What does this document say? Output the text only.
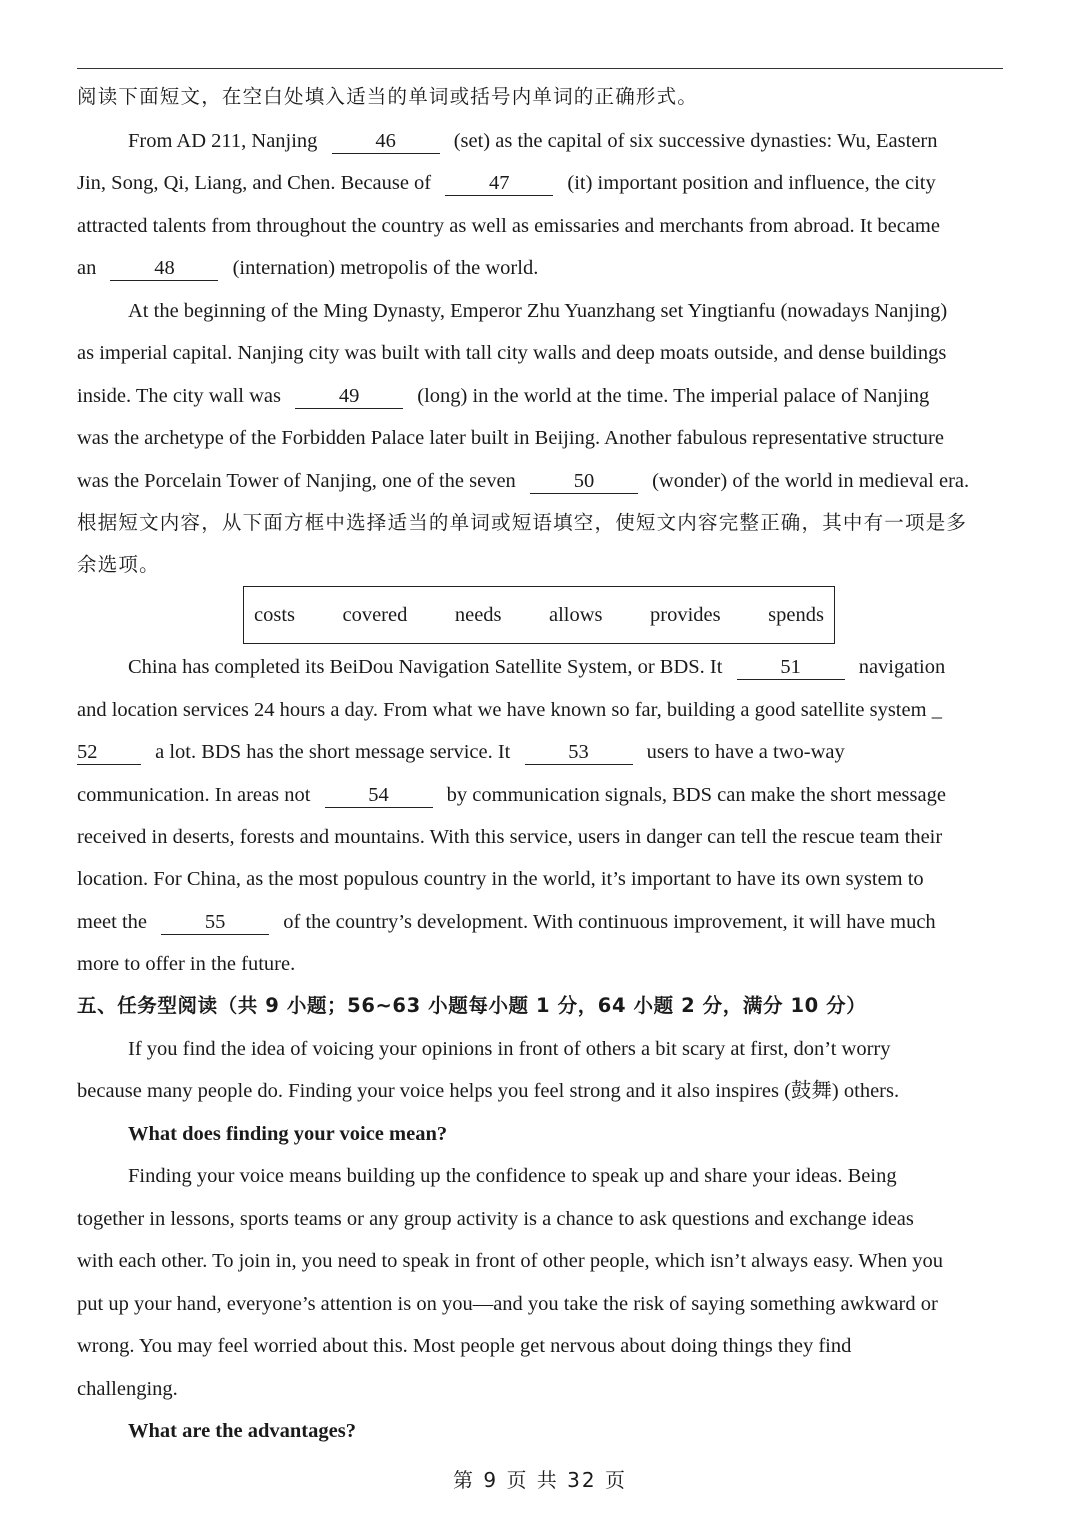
阅读下面短文，在空白处填入适当的单词或括号内单词的正确形式。
From AD 211, Nanjing	46	(set) as the capital of six successive dynasties: Wu, Eastern
Jin, Song, Qi, Liang, and Chen. Because of	47	(it) important position and influence, the city
attracted talents from throughout the country as well as emissaries and merchants from abroad. It became
an	48	(internation) metropolis of the world.
At the beginning of the Ming Dynasty, Emperor Zhu Yuanzhang set Yingtianfu (nowadays Nanjing)
as imperial capital. Nanjing city was built with tall city walls and deep moats outside, and dense buildings
inside. The city wall was	49	(long) in the world at the time. The imperial palace of Nanjing
was the archetype of the Forbidden Palace later built in Beijing. Another fabulous representative structure
was the Porcelain Tower of Nanjing, one of the seven	50	(wonder) of the world in medieval era.
根据短文内容，从下面方框中选择适当的单词或短语填空，使短文内容完整正确，其中有一项是多
余选项。
costs covered needs allows provides spends
China has completed its BeiDou Navigation Satellite System, or BDS. It	51	navigation
and location services 24 hours a day. From what we have known so far, building a good satellite system _
52	a lot. BDS has the short message service. It	53	users to have a two-way
communication. In areas not	54	by communication signals, BDS can make the short message
received in deserts, forests and mountains. With this service, users in danger can tell the rescue team their
location. For China, as the most populous country in the world, it’s important to have its own system to
meet the	55	of the country’s development. With continuous improvement, it will have much
more to offer in the future.
五、任务型阅读（共 9 小题；56~63 小题每小题 1 分，64 小题 2 分，满分 10 分）
If you find the idea of voicing your opinions in front of others a bit scary at first, don’t worry
because many people do. Finding your voice helps you feel strong and it also inspires (鼓舞) others.
What does finding your voice mean?
Finding your voice means building up the confidence to speak up and share your ideas. Being
together in lessons, sports teams or any group activity is a chance to ask questions and exchange ideas
with each other. To join in, you need to speak in front of other people, which isn’t always easy. When you
put up your hand, everyone’s attention is on you—and you take the risk of saying something awkward or
wrong. You may feel worried about this. Most people get nervous about doing things they find
challenging.
What are the advantages?
第 9 页 共 32 页
